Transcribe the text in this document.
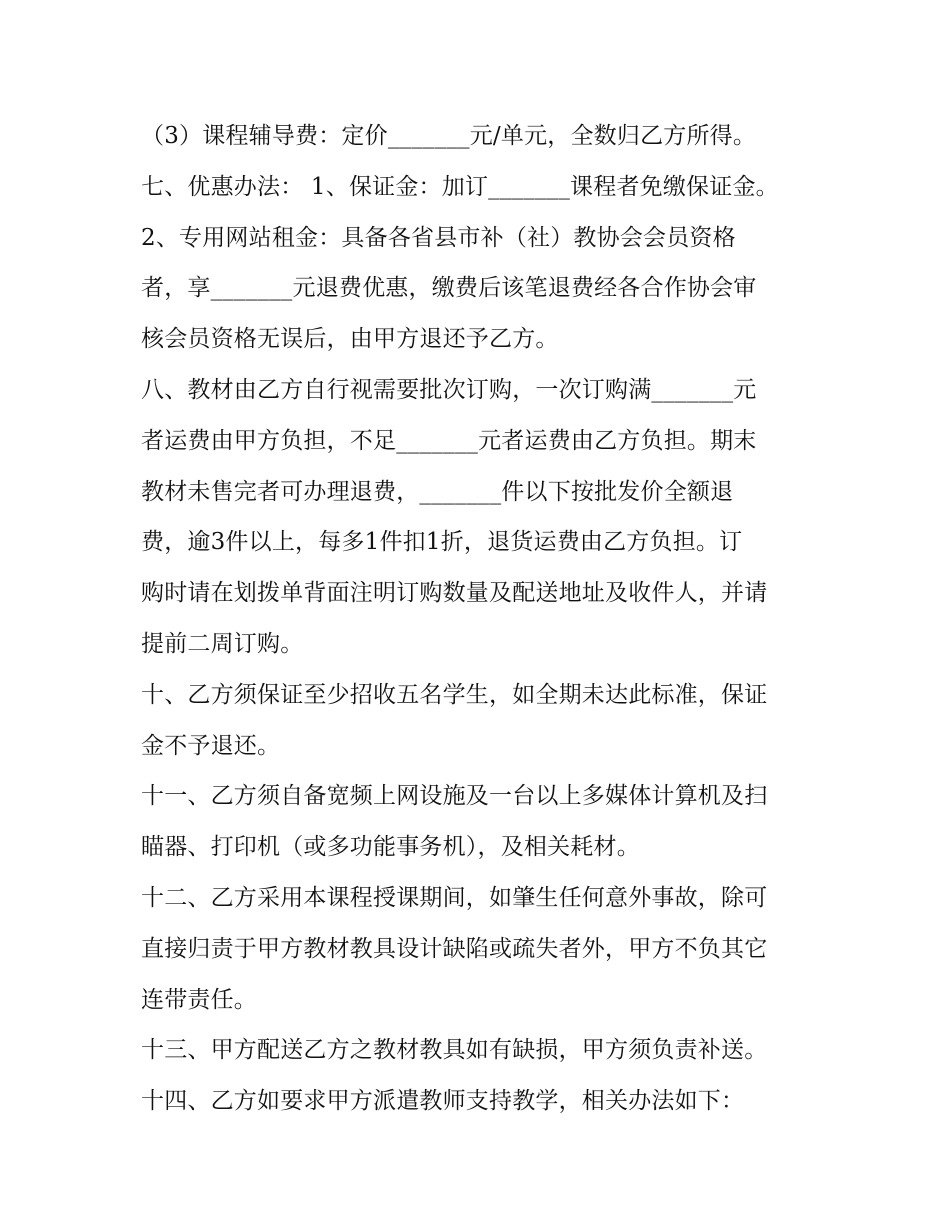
（3）课程辅导费：定价_______元/单元，全数归乙方所得。
七、优惠办法： 1、保证金：加订_______课程者免缴保证金。
2、专用网站租金：具备各省县市补（社）教协会会员资格
者，享_______元退费优惠，缴费后该笔退费经各合作协会审
核会员资格无误后，由甲方退还予乙方。
八、教材由乙方自行视需要批次订购，一次订购满_______元
者运费由甲方负担，不足_______元者运费由乙方负担。期末
教材未售完者可办理退费，_______件以下按批发价全额退
费，逾3件以上，每多1件扣1折，退货运费由乙方负担。订
购时请在划拨单背面注明订购数量及配送地址及收件人，并请
提前二周订购。
十、乙方须保证至少招收五名学生，如全期未达此标准，保证
金不予退还。
十一、乙方须自备宽频上网设施及一台以上多媒体计算机及扫
瞄器、打印机（或多功能事务机），及相关耗材。
十二、乙方采用本课程授课期间，如肇生任何意外事故，除可
直接归责于甲方教材教具设计缺陷或疏失者外，甲方不负其它
连带责任。
十三、甲方配送乙方之教材教具如有缺损，甲方须负责补送。
十四、乙方如要求甲方派遣教师支持教学，相关办法如下：
